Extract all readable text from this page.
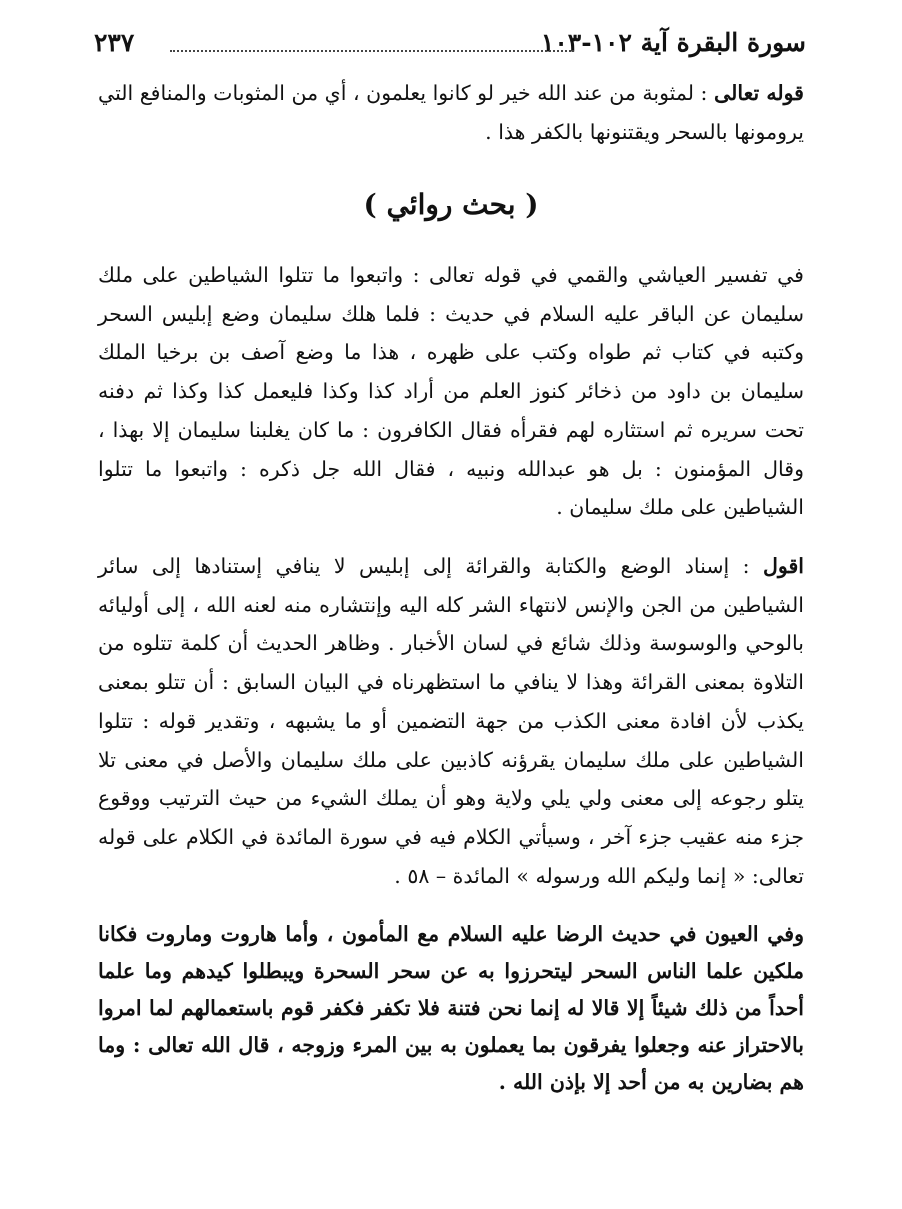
سورة البقرة آية ١٠٢-١٠٣
٢٣٧

قوله تعالى : لمثوبة من عند الله خير لو كانوا يعلمون ، أي من المثوبات والمنافع التي يرومونها بالسحر ويقتنونها بالكفر هذا .

( بحث روائي )

في تفسير العياشي والقمي في قوله تعالى : واتبعوا ما تتلوا الشياطين على ملك سليمان عن الباقر عليه السلام في حديث : فلما هلك سليمان وضع إبليس السحر وكتبه في كتاب ثم طواه وكتب على ظهره ، هذا ما وضع آصف بن برخيا الملك سليمان بن داود من ذخائر كنوز العلم من أراد كذا وكذا فليعمل كذا وكذا ثم دفنه تحت سريره ثم استثاره لهم فقرأه فقال الكافرون : ما كان يغلبنا سليمان إلا بهذا ، وقال المؤمنون : بل هو عبدالله ونبيه ، فقال الله جل ذكره : واتبعوا ما تتلوا الشياطين على ملك سليمان .

اقول : إسناد الوضع والكتابة والقرائة إلى إبليس لا ينافي إستنادها إلى سائر الشياطين من الجن والإنس لانتهاء الشر كله اليه وإنتشاره منه لعنه الله ، إلى أوليائه بالوحي والوسوسة وذلك شائع في لسان الأخبار . وظاهر الحديث أن كلمة تتلوه من التلاوة بمعنى القرائة وهذا لا ينافي ما استظهرناه في البيان السابق : أن تتلو بمعنى يكذب لأن افادة معنى الكذب من جهة التضمين أو ما يشبهه ، وتقدير قوله : تتلوا الشياطين على ملك سليمان يقرؤنه كاذبين على ملك سليمان والأصل في معنى تلا يتلو رجوعه إلى معنى ولي يلي ولاية وهو أن يملك الشيء من حيث الترتيب ووقوع جزء منه عقيب جزء آخر ، وسيأتي الكلام فيه في سورة المائدة في الكلام على قوله تعالى: « إنما وليكم الله ورسوله » المائدة – ٥٨ .

وفي العيون في حديث الرضا عليه السلام مع المأمون ، وأما هاروت وماروت فكانا ملكين علما الناس السحر ليتحرزوا به عن سحر السحرة ويبطلوا كيدهم وما علما أحداً من ذلك شيئاً إلا قالا له إنما نحن فتنة فلا تكفر فكفر قوم باستعمالهم لما امروا بالاحتراز عنه وجعلوا يفرقون بما يعملون به بين المرء وزوجه ، قال الله تعالى : وما هم بضارين به من أحد إلا بإذن الله .
